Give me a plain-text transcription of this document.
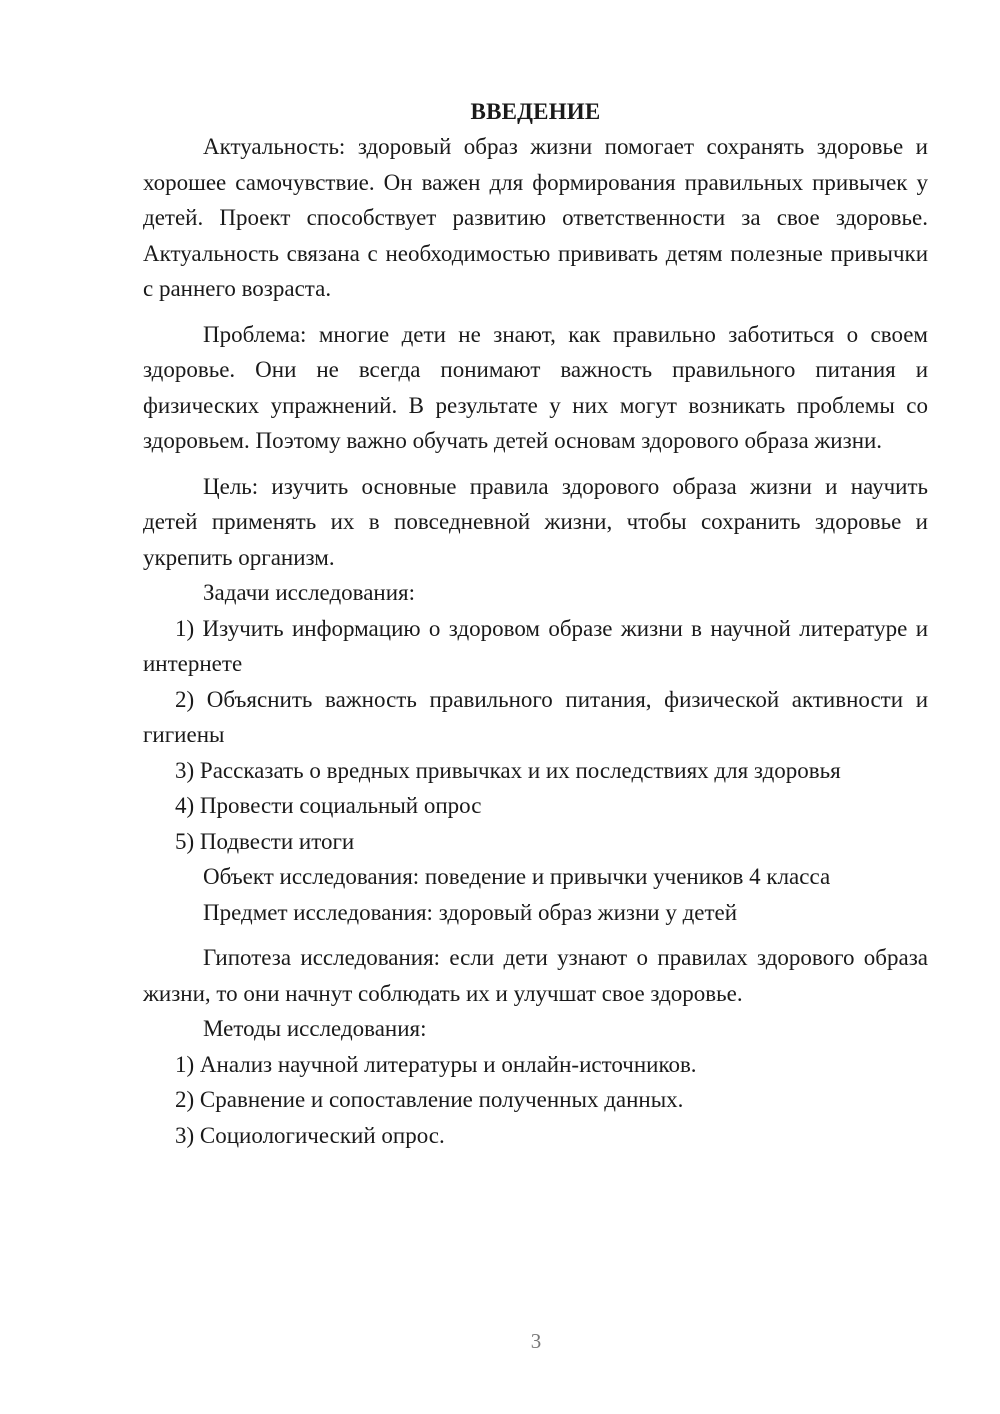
ВВЕДЕНИЕ

Актуальность: здоровый образ жизни помогает сохранять здоровье и хорошее самочувствие. Он важен для формирования правильных привычек у детей. Проект способствует развитию ответственности за свое здоровье. Актуальность связана с необходимостью прививать детям полезные привычки с раннего возраста.

Проблема: многие дети не знают, как правильно заботиться о своем здоровье. Они не всегда понимают важность правильного питания и физических упражнений. В результате у них могут возникать проблемы со здоровьем. Поэтому важно обучать детей основам здорового образа жизни.

Цель: изучить основные правила здорового образа жизни и научить детей применять их в повседневной жизни, чтобы сохранить здоровье и укрепить организм.

Задачи исследования:

1) Изучить информацию о здоровом образе жизни в научной литературе и интернете

2) Объяснить важность правильного питания, физической активности и гигиены

3) Рассказать о вредных привычках и их последствиях для здоровья

4) Провести социальный опрос

5) Подвести итоги

Объект исследования: поведение и привычки учеников 4 класса

Предмет исследования: здоровый образ жизни у детей

Гипотеза исследования: если дети узнают о правилах здорового образа жизни, то они начнут соблюдать их и улучшат свое здоровье.

Методы исследования:

1) Анализ научной литературы и онлайн-источников.

2) Сравнение и сопоставление полученных данных.

3) Социологический опрос.

3
